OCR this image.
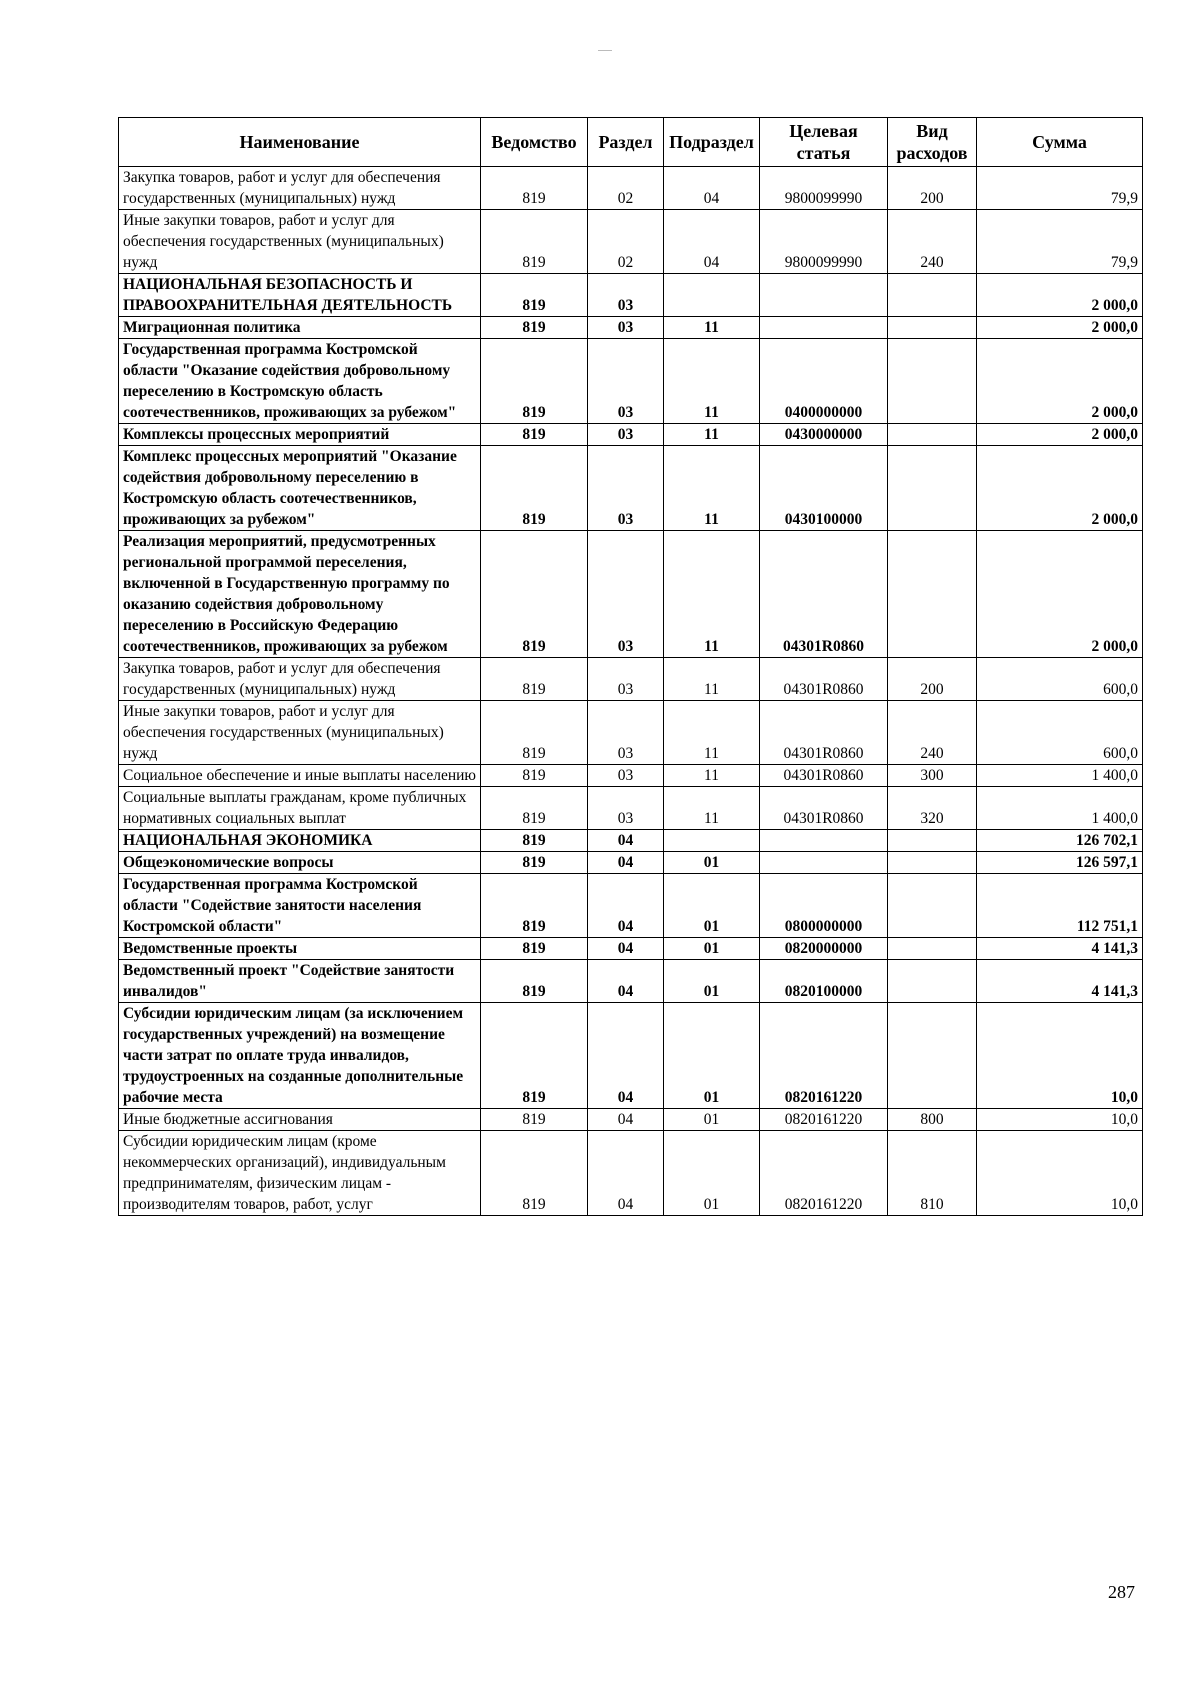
Наименование	Ведомство	Раздел	Подраздел	Целевая статья	Вид расходов	Сумма
Закупка товаров, работ и услуг для обеспечения государственных (муниципальных) нужд	819	02	04	9800099990	200	79,9
Иные закупки товаров, работ и услуг для обеспечения государственных (муниципальных) нужд	819	02	04	9800099990	240	79,9
НАЦИОНАЛЬНАЯ БЕЗОПАСНОСТЬ И ПРАВООХРАНИТЕЛЬНАЯ ДЕЯТЕЛЬНОСТЬ	819	03				2 000,0
Миграционная политика	819	03	11			2 000,0
Государственная программа Костромской области "Оказание содействия добровольному переселению в Костромскую область соотечественников, проживающих за рубежом"	819	03	11	0400000000		2 000,0
Комплексы процессных мероприятий	819	03	11	0430000000		2 000,0
Комплекс процессных мероприятий "Оказание содействия добровольному переселению в Костромскую область соотечественников, проживающих за рубежом"	819	03	11	0430100000		2 000,0
Реализация мероприятий, предусмотренных региональной программой переселения, включенной в Государственную программу по оказанию содействия добровольному переселению в Российскую Федерацию соотечественников, проживающих за рубежом	819	03	11	04301R0860		2 000,0
Закупка товаров, работ и услуг для обеспечения государственных (муниципальных) нужд	819	03	11	04301R0860	200	600,0
Иные закупки товаров, работ и услуг для обеспечения государственных (муниципальных) нужд	819	03	11	04301R0860	240	600,0
Социальное обеспечение и иные выплаты населению	819	03	11	04301R0860	300	1 400,0
Социальные выплаты гражданам, кроме публичных нормативных социальных выплат	819	03	11	04301R0860	320	1 400,0
НАЦИОНАЛЬНАЯ ЭКОНОМИКА	819	04				126 702,1
Общеэкономические вопросы	819	04	01			126 597,1
Государственная программа Костромской области "Содействие занятости населения Костромской области"	819	04	01	0800000000		112 751,1
Ведомственные проекты	819	04	01	0820000000		4 141,3
Ведомственный проект "Содействие занятости инвалидов"	819	04	01	0820100000		4 141,3
Субсидии юридическим лицам (за исключением государственных учреждений) на возмещение части затрат по оплате труда инвалидов, трудоустроенных на созданные дополнительные рабочие места	819	04	01	0820161220		10,0
Иные бюджетные ассигнования	819	04	01	0820161220	800	10,0
Субсидии юридическим лицам (кроме некоммерческих организаций), индивидуальным предпринимателям, физическим лицам - производителям товаров, работ, услуг	819	04	01	0820161220	810	10,0
287
